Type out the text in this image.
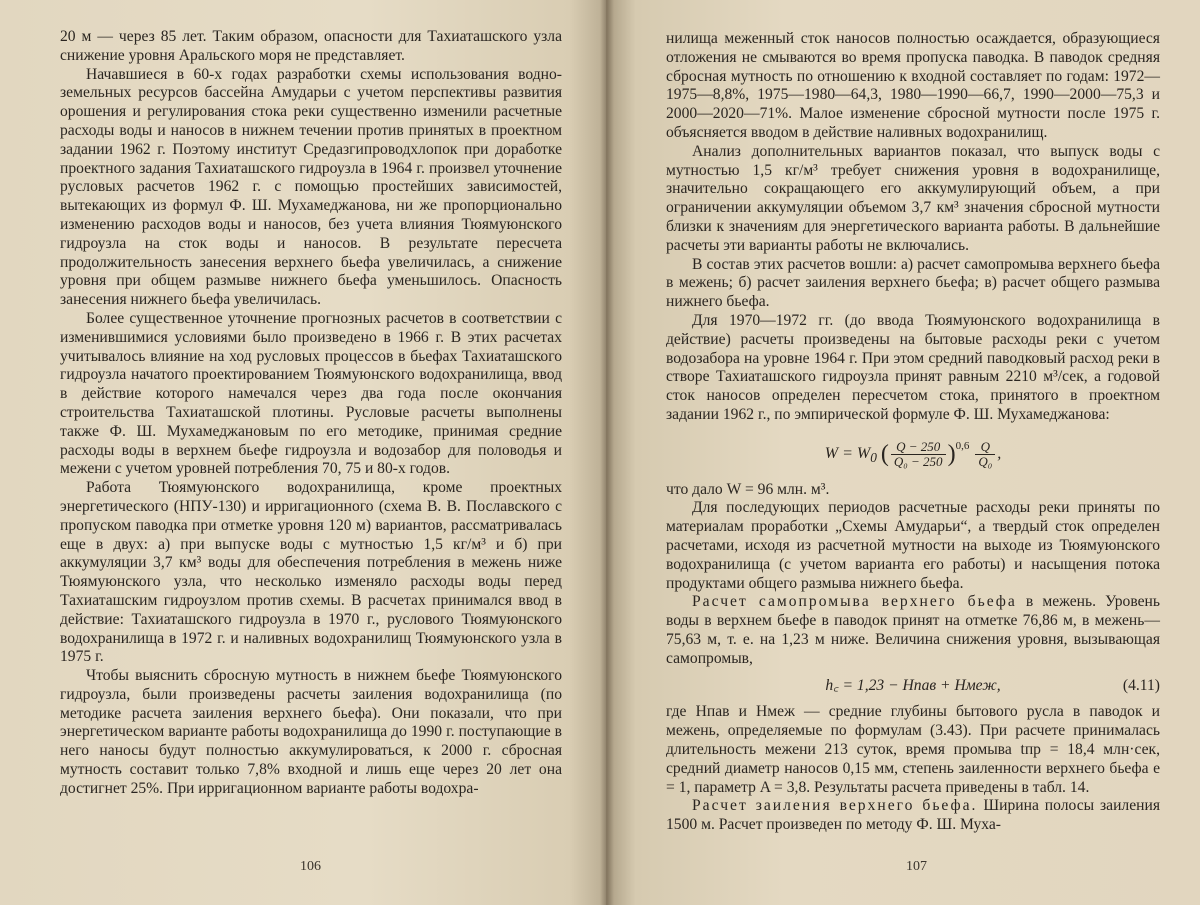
20 м — через 85 лет. Таким образом, опасности для Тахиаташского узла снижение уровня Аральского моря не представляет.

Начавшиеся в 60-х годах разработки схемы использования водно-земельных ресурсов бассейна Амударьи с учетом перспективы развития орошения и регулирования стока реки существенно изменили расчетные расходы воды и наносов в нижнем течении против принятых в проектном задании 1962 г. Поэтому институт Средазгипроводхлопок при доработке проектного задания Тахиаташского гидроузла в 1964 г. произвел уточнение русловых расчетов 1962 г. с помощью простейших зависимостей, вытекающих из формул Ф. Ш. Мухамеджанова, ни же пропорционально изменению расходов воды и наносов, без учета влияния Тюямуюнского гидроузла на сток воды и наносов. В результате пересчета продолжительность занесения верхнего бьефа увеличилась, а снижение уровня при общем размыве нижнего бьефа уменьшилось. Опасность занесения нижнего бьефа увеличилась.

Более существенное уточнение прогнозных расчетов в соответствии с изменившимися условиями было произведено в 1966 г. В этих расчетах учитывалось влияние на ход русловых процессов в бьефах Тахиаташского гидроузла начатого проектированием Тюямуюнского водохранилища, ввод в действие которого намечался через два года после окончания строительства Тахиаташской плотины. Русловые расчеты выполнены также Ф. Ш. Мухамеджановым по его методике, принимая средние расходы воды в верхнем бьефе гидроузла и водозабор для половодья и межени с учетом уровней потребления 70, 75 и 80-х годов.

Работа Тюямуюнского водохранилища, кроме проектных энергетического (НПУ-130) и ирригационного (схема В. В. Пославского с пропуском паводка при отметке уровня 120 м) вариантов, рассматривалась еще в двух: а) при выпуске воды с мутностью 1,5 кг/м³ и б) при аккумуляции 3,7 км³ воды для обеспечения потребления в межень ниже Тюямуюнского узла, что несколько изменяло расходы воды перед Тахиаташским гидроузлом против схемы. В расчетах принимался ввод в действие: Тахиаташского гидроузла в 1970 г., руслового Тюямуюнского водохранилища в 1972 г. и наливных водохранилищ Тюямуюнского узла в 1975 г.

Чтобы выяснить сбросную мутность в нижнем бьефе Тюямуюнского гидроузла, были произведены расчеты заиления водохранилища (по методике расчета заиления верхнего бьефа). Они показали, что при энергетическом варианте работы водохранилища до 1990 г. поступающие в него наносы будут полностью аккумулироваться, к 2000 г. сбросная мутность составит только 7,8% входной и лишь еще через 20 лет она достигнет 25%. При ирригационном варианте работы водохра-

106

нилища меженный сток наносов полностью осаждается, образующиеся отложения не смываются во время пропуска паводка. В паводок средняя сбросная мутность по отношению к входной составляет по годам: 1972—1975—8,8%, 1975—1980—64,3, 1980—1990—66,7, 1990—2000—75,3 и 2000—2020—71%. Малое изменение сбросной мутности после 1975 г. объясняется вводом в действие наливных водохранилищ.

Анализ дополнительных вариантов показал, что выпуск воды с мутностью 1,5 кг/м³ требует снижения уровня в водохранилище, значительно сокращающего его аккумулирующий объем, а при ограничении аккумуляции объемом 3,7 км³ значения сбросной мутности близки к значениям для энергетического варианта работы. В дальнейшие расчеты эти варианты работы не включались.

В состав этих расчетов вошли: а) расчет самопромыва верхнего бьефа в межень; б) расчет заиления верхнего бьефа; в) расчет общего размыва нижнего бьефа.

Для 1970—1972 гг. (до ввода Тюямуюнского водохранилища в действие) расчеты произведены на бытовые расходы реки с учетом водозабора на уровне 1964 г. При этом средний паводковый расход реки в створе Тахиаташского гидроузла принят равным 2210 м³/сек, а годовой сток наносов определен пересчетом стока, принятого в проектном задании 1962 г., по эмпирической формуле Ф. Ш. Мухамеджанова:

$W = W_0$ ( $\frac{Q - 250}{\text{Q₀ − 250}} )^{0,6} \frac{Q}{\text{Q₀}}$ ,

что дало W = 96 млн. м³.

Для последующих периодов расчетные расходы реки приняты по материалам проработки „Схемы Амударьи“, а твердый сток определен расчетами, исходя из расчетной мутности на выходе из Тюямуюнского водохранилища (с учетом варианта его работы) и насыщения потока продуктами общего размыва нижнего бьефа.

Расчет самопромыва верхнего бьефа в межень. Уровень воды в верхнем бьефе в паводок принят на отметке 76,86 м, в межень—75,63 м, т. е. на 1,23 м ниже. Величина снижения уровня, вызывающая самопромыв,

h꜀ = 1,23 − Hпав + Hмеж,	(4.11)

где Hпав и Hмеж — средние глубины бытового русла в паводок и межень, определяемые по формулам (3.43). При расчете принималась длительность межени 213 суток, время промыва tпр = 18,4 млн·сек, средний диаметр наносов 0,15 мм, степень заиленности верхнего бьефа e = 1, параметр A = 3,8. Результаты расчета приведены в табл. 14.

Расчет заиления верхнего бьефа. Ширина полосы заиления 1500 м. Расчет произведен по методу Ф. Ш. Муха-

107
